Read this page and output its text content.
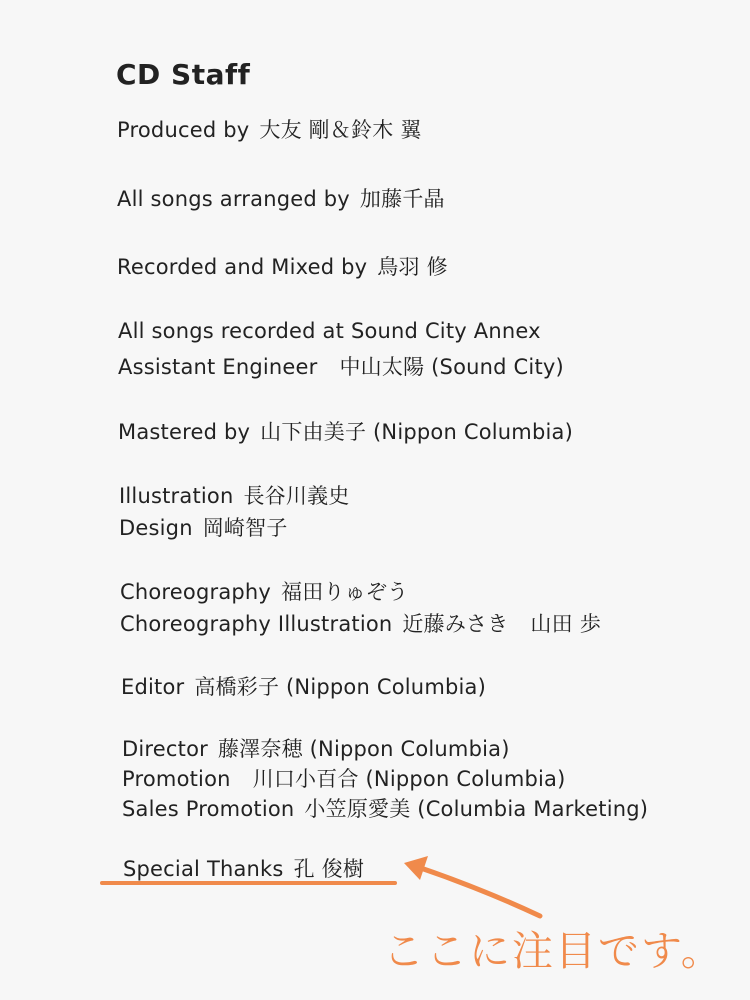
CD Staff
Produced by 大友 剛＆鈴木 翼
All songs arranged by 加藤千晶
Recorded and Mixed by 鳥羽 修
All songs recorded at Sound City Annex
Assistant Engineer 中山太陽 (Sound City)
Mastered by 山下由美子 (Nippon Columbia)
Illustration 長谷川義史
Design 岡崎智子
Choreography 福田りゅぞう
Choreography Illustration 近藤みさき 山田 歩
Editor 高橋彩子 (Nippon Columbia)
Director 藤澤奈穂 (Nippon Columbia)
Promotion 川口小百合 (Nippon Columbia)
Sales Promotion 小笠原愛美 (Columbia Marketing)
Special Thanks 孔 俊樹
ここに注目です。
